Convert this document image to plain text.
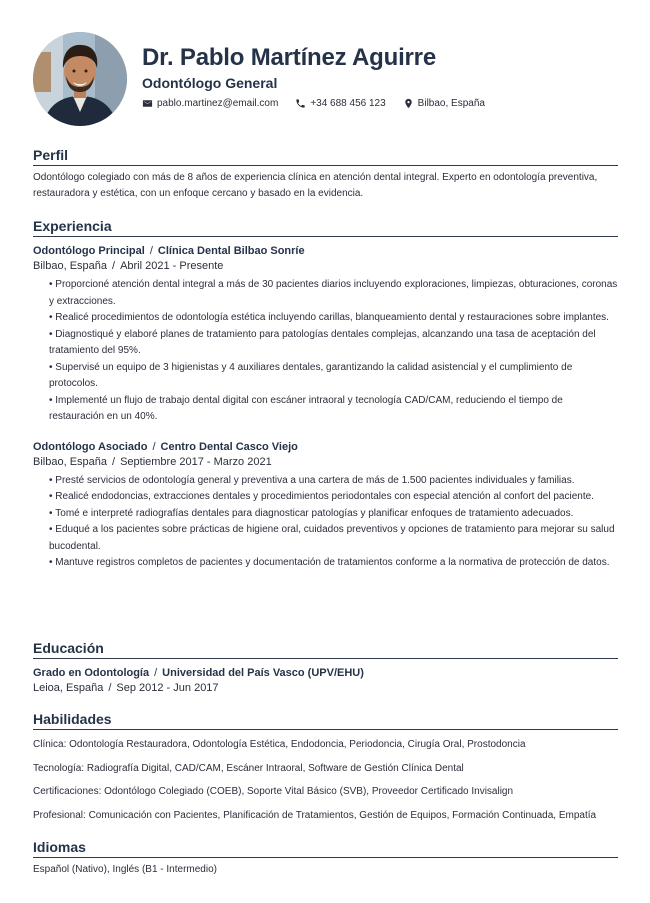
Dr. Pablo Martínez Aguirre
Odontólogo General
pablo.martinez@email.com	+34 688 456 123	Bilbao, España
Perfil

Odontólogo colegiado con más de 8 años de experiencia clínica en atención dental integral. Experto en odontología preventiva, restauradora y estética, con un enfoque cercano y basado en la evidencia.

Experiencia
Odontólogo Principal / Clínica Dental Bilbao Sonríe
Bilbao, España / Abril 2021 - Presente
• Proporcioné atención dental integral a más de 30 pacientes diarios incluyendo exploraciones, limpiezas, obturaciones, coronas y extracciones.
• Realicé procedimientos de odontología estética incluyendo carillas, blanqueamiento dental y restauraciones sobre implantes.
• Diagnostiqué y elaboré planes de tratamiento para patologías dentales complejas, alcanzando una tasa de aceptación del tratamiento del 95%.
• Supervisé un equipo de 3 higienistas y 4 auxiliares dentales, garantizando la calidad asistencial y el cumplimiento de protocolos.
• Implementé un flujo de trabajo dental digital con escáner intraoral y tecnología CAD/CAM, reduciendo el tiempo de restauración en un 40%.
Odontólogo Asociado / Centro Dental Casco Viejo
Bilbao, España / Septiembre 2017 - Marzo 2021
• Presté servicios de odontología general y preventiva a una cartera de más de 1.500 pacientes individuales y familias.
• Realicé endodoncias, extracciones dentales y procedimientos periodontales con especial atención al confort del paciente.
• Tomé e interpreté radiografías dentales para diagnosticar patologías y planificar enfoques de tratamiento adecuados.
• Eduqué a los pacientes sobre prácticas de higiene oral, cuidados preventivos y opciones de tratamiento para mejorar su salud bucodental.
• Mantuve registros completos de pacientes y documentación de tratamientos conforme a la normativa de protección de datos.
Educación
Grado en Odontología / Universidad del País Vasco (UPV/EHU)
Leioa, España / Sep 2012 - Jun 2017
Habilidades
Clínica: Odontología Restauradora, Odontología Estética, Endodoncia, Periodoncia, Cirugía Oral, Prostodoncia
Tecnología: Radiografía Digital, CAD/CAM, Escáner Intraoral, Software de Gestión Clínica Dental
Certificaciones: Odontólogo Colegiado (COEB), Soporte Vital Básico (SVB), Proveedor Certificado Invisalign
Profesional: Comunicación con Pacientes, Planificación de Tratamientos, Gestión de Equipos, Formación Continuada, Empatía
Idiomas

Español (Nativo), Inglés (B1 - Intermedio)
